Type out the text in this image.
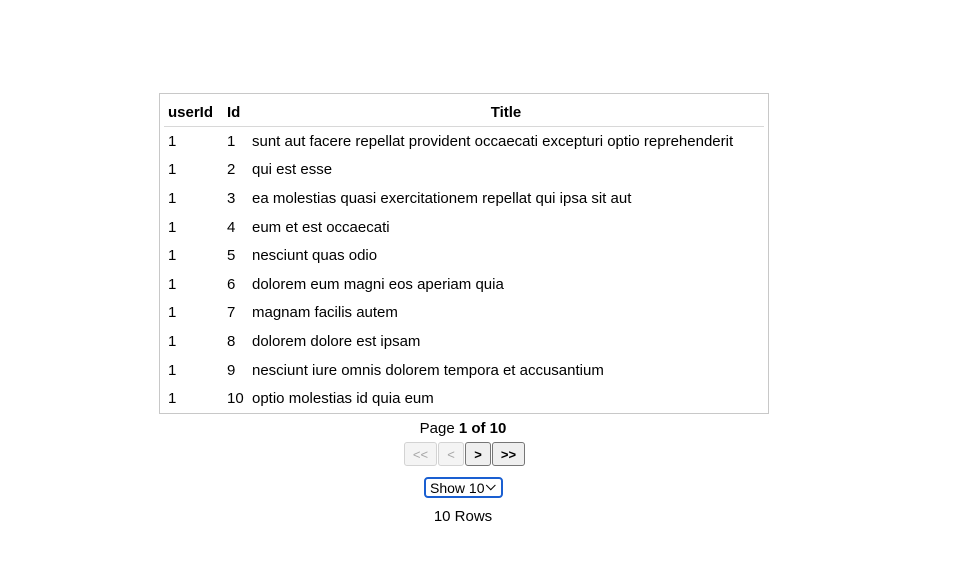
userId	Id	Title
1	1	sunt aut facere repellat provident occaecati excepturi optio reprehenderit
1	2	qui est esse
1	3	ea molestias quasi exercitationem repellat qui ipsa sit aut
1	4	eum et est occaecati
1	5	nesciunt quas odio
1	6	dolorem eum magni eos aperiam quia
1	7	magnam facilis autem
1	8	dolorem dolore est ipsam
1	9	nesciunt iure omnis dolorem tempora et accusantium
1	10	optio molestias id quia eum
Page 1 of 10
<<	<	>	>>
Show 10
10 Rows
